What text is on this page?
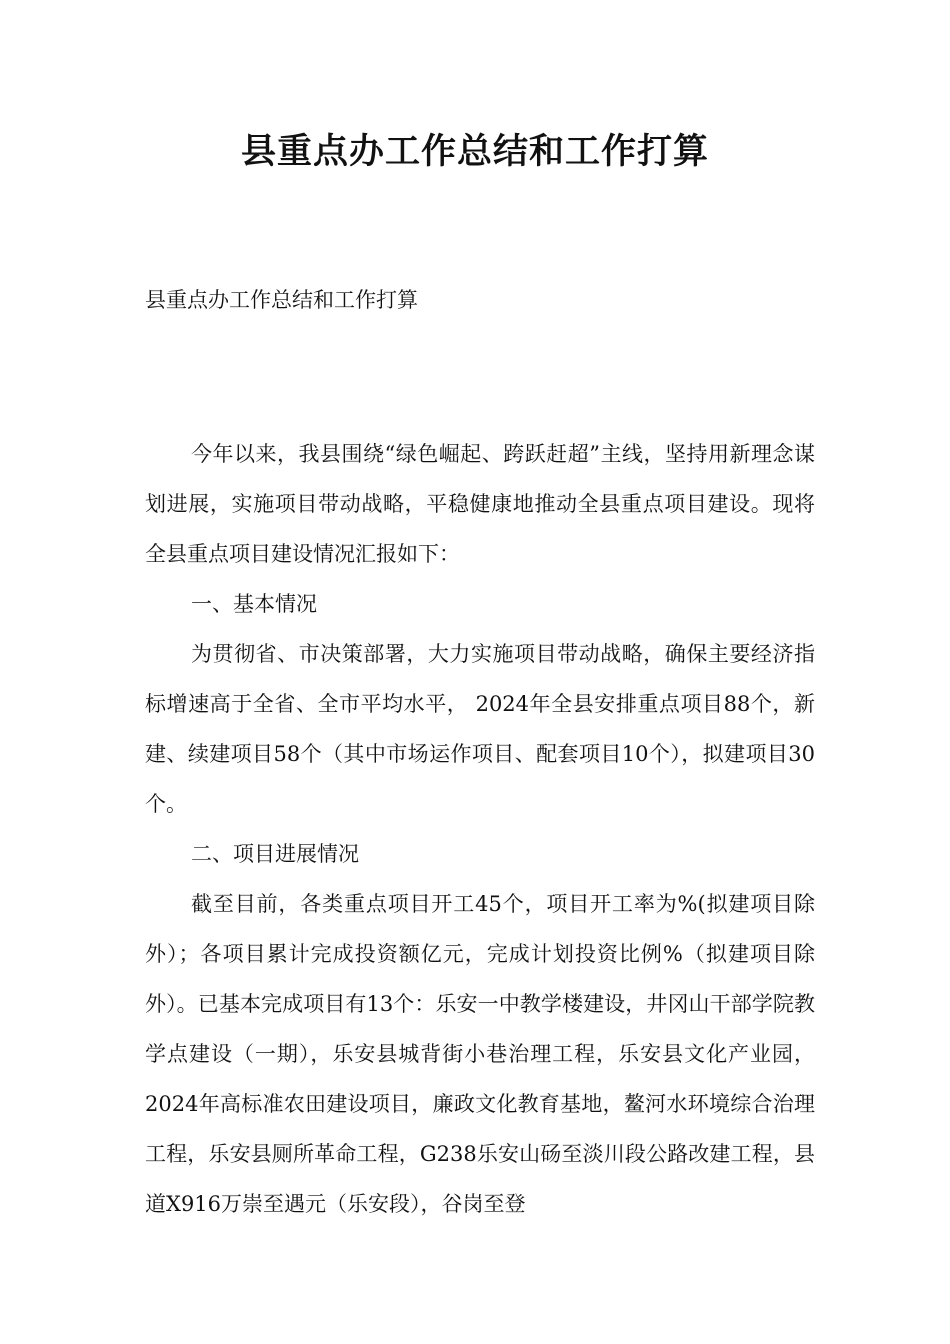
县重点办工作总结和工作打算

县重点办工作总结和工作打算

今年以来，我县围绕“绿色崛起、跨跃赶超”主线，坚持用新理念谋划进展，实施项目带动战略，平稳健康地推动全县重点项目建设。现将全县重点项目建设情况汇报如下：

一、基本情况

为贯彻省、市决策部署，大力实施项目带动战略，确保主要经济指标增速高于全省、全市平均水平， 2024年全县安排重点项目88个，新建、续建项目58个（其中市场运作项目、配套项目10个），拟建项目30个。

二、项目进展情况

截至目前，各类重点项目开工45个，项目开工率为%(拟建项目除外）；各项目累计完成投资额亿元，完成计划投资比例%（拟建项目除外）。已基本完成项目有13个：乐安一中教学楼建设，井冈山干部学院教学点建设（一期），乐安县城背街小巷治理工程，乐安县文化产业园，2024年高标准农田建设项目，廉政文化教育基地，鳌河水环境综合治理工程，乐安县厕所革命工程，G238乐安山砀至淡川段公路改建工程，县道X916万崇至遇元（乐安段），谷岗至登
